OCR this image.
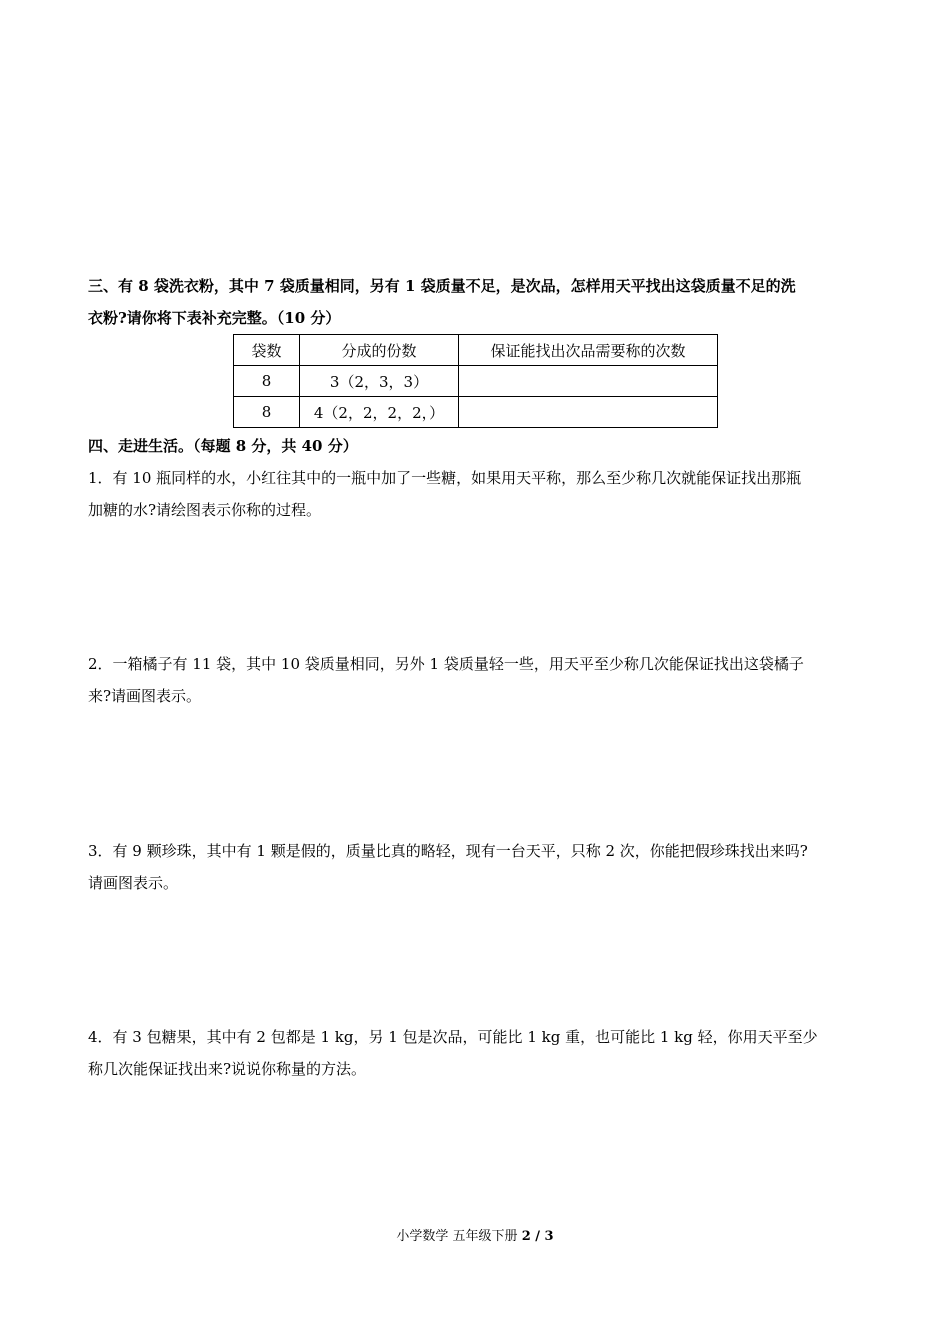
三、有 8 袋洗衣粉，其中 7 袋质量相同，另有 1 袋质量不足，是次品，怎样用天平找出这袋质量不足的洗
衣粉?请你将下表补充完整。（10 分）
袋数	分成的份数	保证能找出次品需要称的次数
8	3（2，3，3）	
8	4（2，2，2，2，）	
四、走进生活。（每题 8 分，共 40 分）
1．有 10 瓶同样的水，小红往其中的一瓶中加了一些糖，如果用天平称，那么至少称几次就能保证找出那瓶
加糖的水?请绘图表示你称的过程。
2．一箱橘子有 11 袋，其中 10 袋质量相同，另外 1 袋质量轻一些，用天平至少称几次能保证找出这袋橘子
来?请画图表示。
3．有 9 颗珍珠，其中有 1 颗是假的，质量比真的略轻，现有一台天平，只称 2 次，你能把假珍珠找出来吗?
请画图表示。
4．有 3 包糖果，其中有 2 包都是 1 kg，另 1 包是次品，可能比 1 kg 重，也可能比 1 kg 轻，你用天平至少
称几次能保证找出来?说说你称量的方法。
小学数学 五年级下册 2 / 3
